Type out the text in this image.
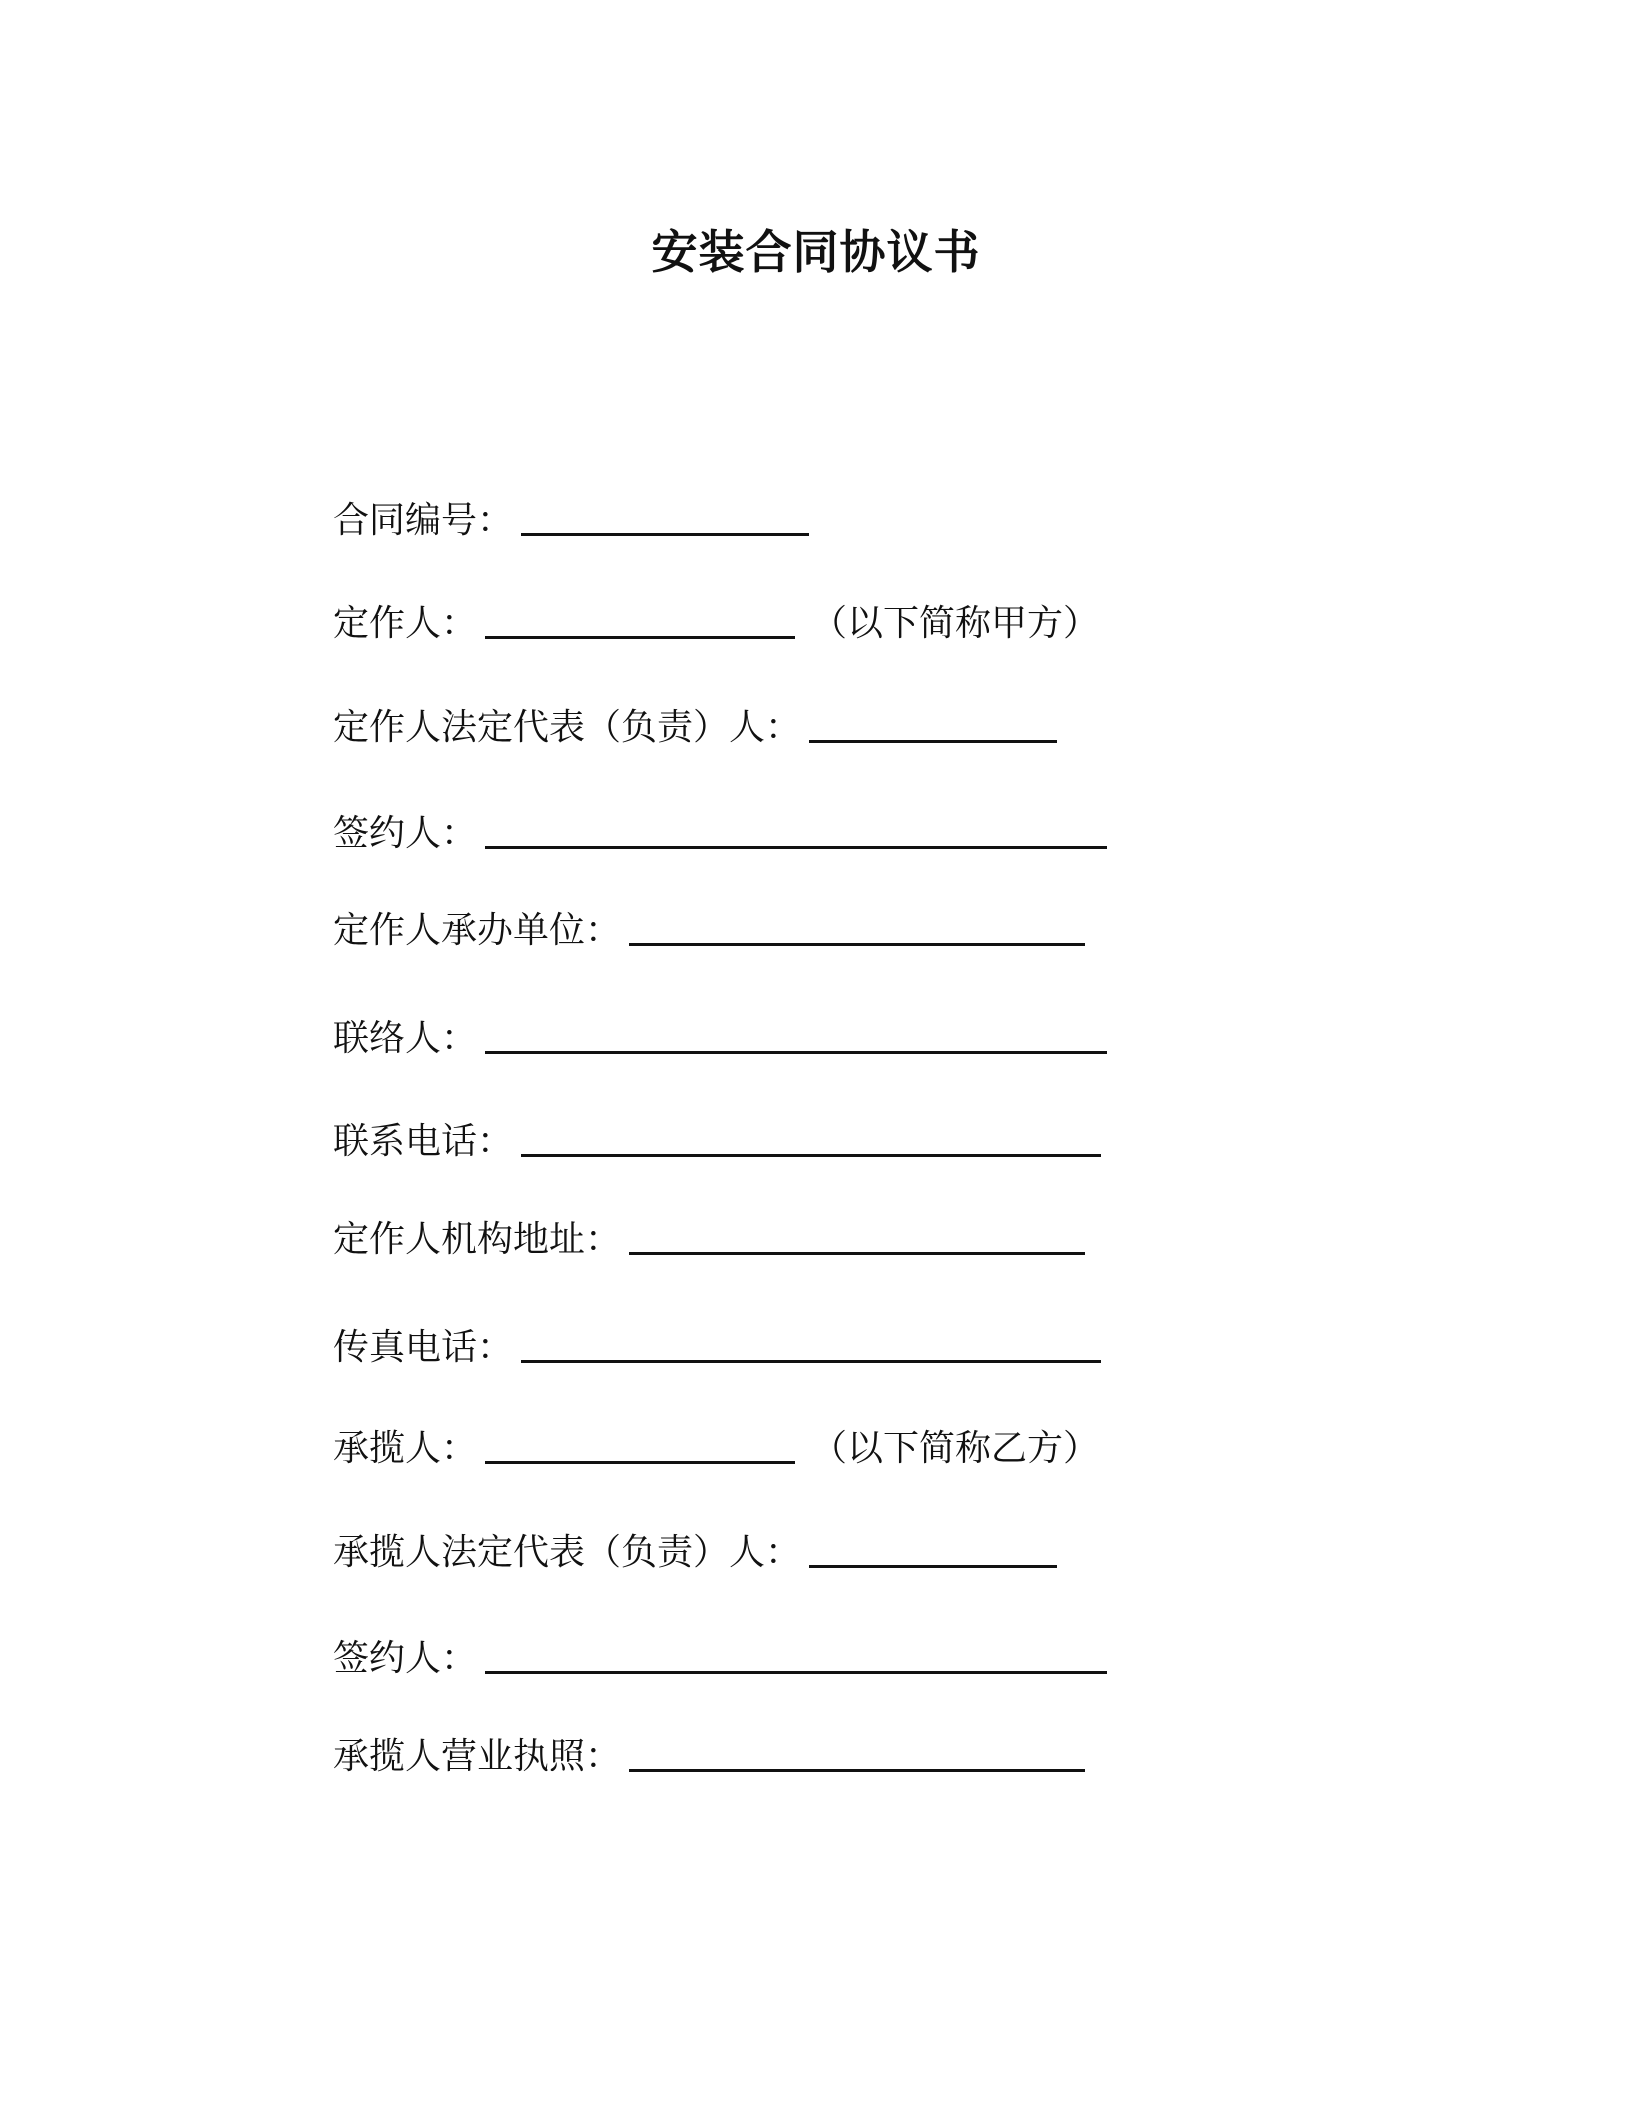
安装合同协议书
合同编号：
定作人：	（以下简称甲方）
定作人法定代表（负责）人：
签约人：
定作人承办单位：
联络人：
联系电话：
定作人机构地址：
传真电话：
承揽人：	（以下简称乙方）
承揽人法定代表（负责）人：
签约人：
承揽人营业执照：
